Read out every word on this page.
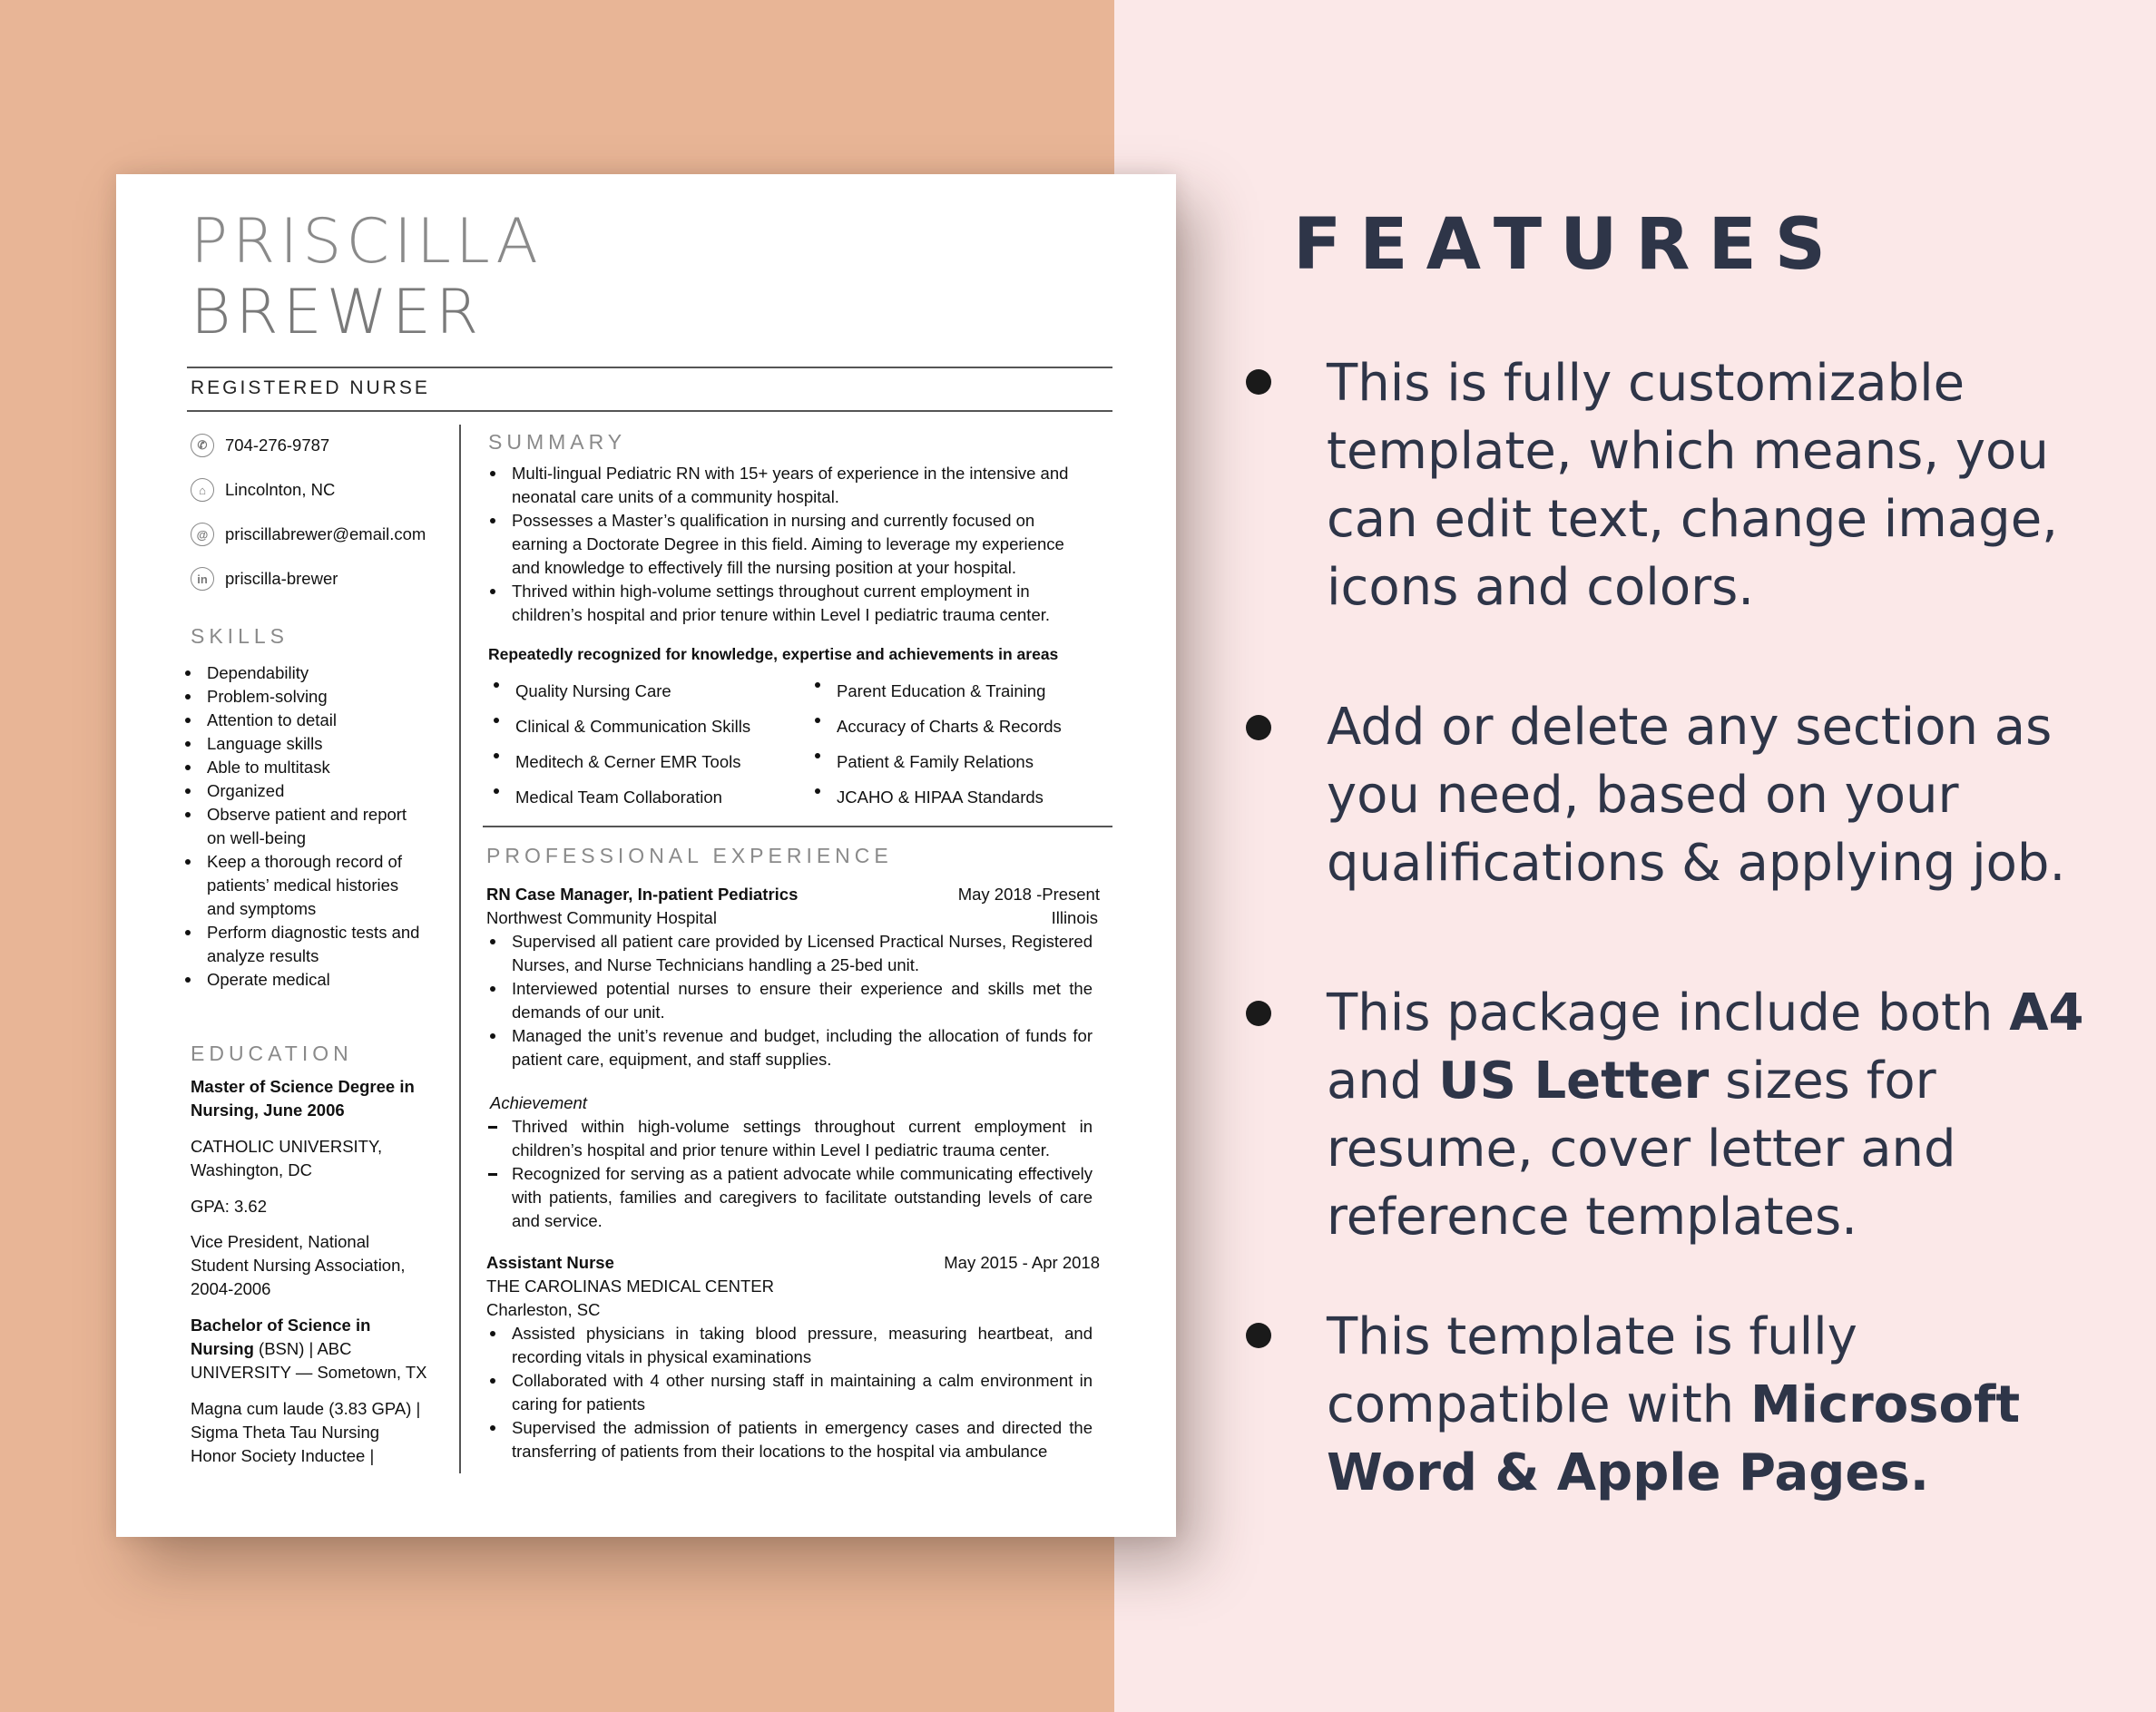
PRISCILLA
BREWER
REGISTERED NURSE
✆	704-276-9787
⌂	Lincolnton, NC
@	priscillabrewer@email.com
in	priscilla-brewer
SKILLS
Dependability
Problem-solving
Attention to detail
Language skills
Able to multitask
Organized
Observe patient and report on well-being
Keep a thorough record of patients’ medical histories and symptoms
Perform diagnostic tests and analyze results
Operate medical
EDUCATION
Master of Science Degree in Nursing, June 2006
CATHOLIC UNIVERSITY, Washington, DC
GPA: 3.62
Vice President, National Student Nursing Association, 2004-2006
Bachelor of Science in Nursing (BSN) | ABC UNIVERSITY — Sometown, TX
Magna cum laude (3.83 GPA) | Sigma Theta Tau Nursing Honor Society Inductee |
SUMMARY
Multi-lingual Pediatric RN with 15+ years of experience in the intensive and neonatal care units of a community hospital.
Possesses a Master’s qualification in nursing and currently focused on earning a Doctorate Degree in this field. Aiming to leverage my experience and knowledge to effectively fill the nursing position at your hospital.
Thrived within high-volume settings throughout current employment in children’s hospital and prior tenure within Level I pediatric trauma center.
Repeatedly recognized for knowledge, expertise and achievements in areas
Quality Nursing Care
Clinical & Communication Skills
Meditech & Cerner EMR Tools
Medical Team Collaboration
Parent Education & Training
Accuracy of Charts & Records
Patient & Family Relations
JCAHO & HIPAA Standards
PROFESSIONAL EXPERIENCE
RN Case Manager, In-patient Pediatrics	May 2018 -Present
Northwest Community Hospital	Illinois
Supervised all patient care provided by Licensed Practical Nurses, Registered Nurses, and Nurse Technicians handling a 25-bed unit.
Interviewed potential nurses to ensure their experience and skills met the demands of our unit.
Managed the unit’s revenue and budget, including the allocation of funds for patient care, equipment, and staff supplies.
Achievement
Thrived within high-volume settings throughout current employment in children’s hospital and prior tenure within Level I pediatric trauma center.
Recognized for serving as a patient advocate while communicating effectively with patients, families and caregivers to facilitate outstanding levels of care and service.
Assistant Nurse	May 2015 - Apr 2018
THE CAROLINAS MEDICAL CENTER
Charleston, SC
Assisted physicians in taking blood pressure, measuring heartbeat, and recording vitals in physical examinations
Collaborated with 4 other nursing staff in maintaining a calm environment in caring for patients
Supervised the admission of patients in emergency cases and directed the transferring of patients from their locations to the hospital via ambulance
FEATURES
This is fully customizable template, which means, you can edit text, change image, icons and colors.
Add or delete any section as you need, based on your qualifications & applying job.
This package include both A4 and US Letter sizes for resume, cover letter and reference templates.
This template is fully compatible with Microsoft Word & Apple Pages.
